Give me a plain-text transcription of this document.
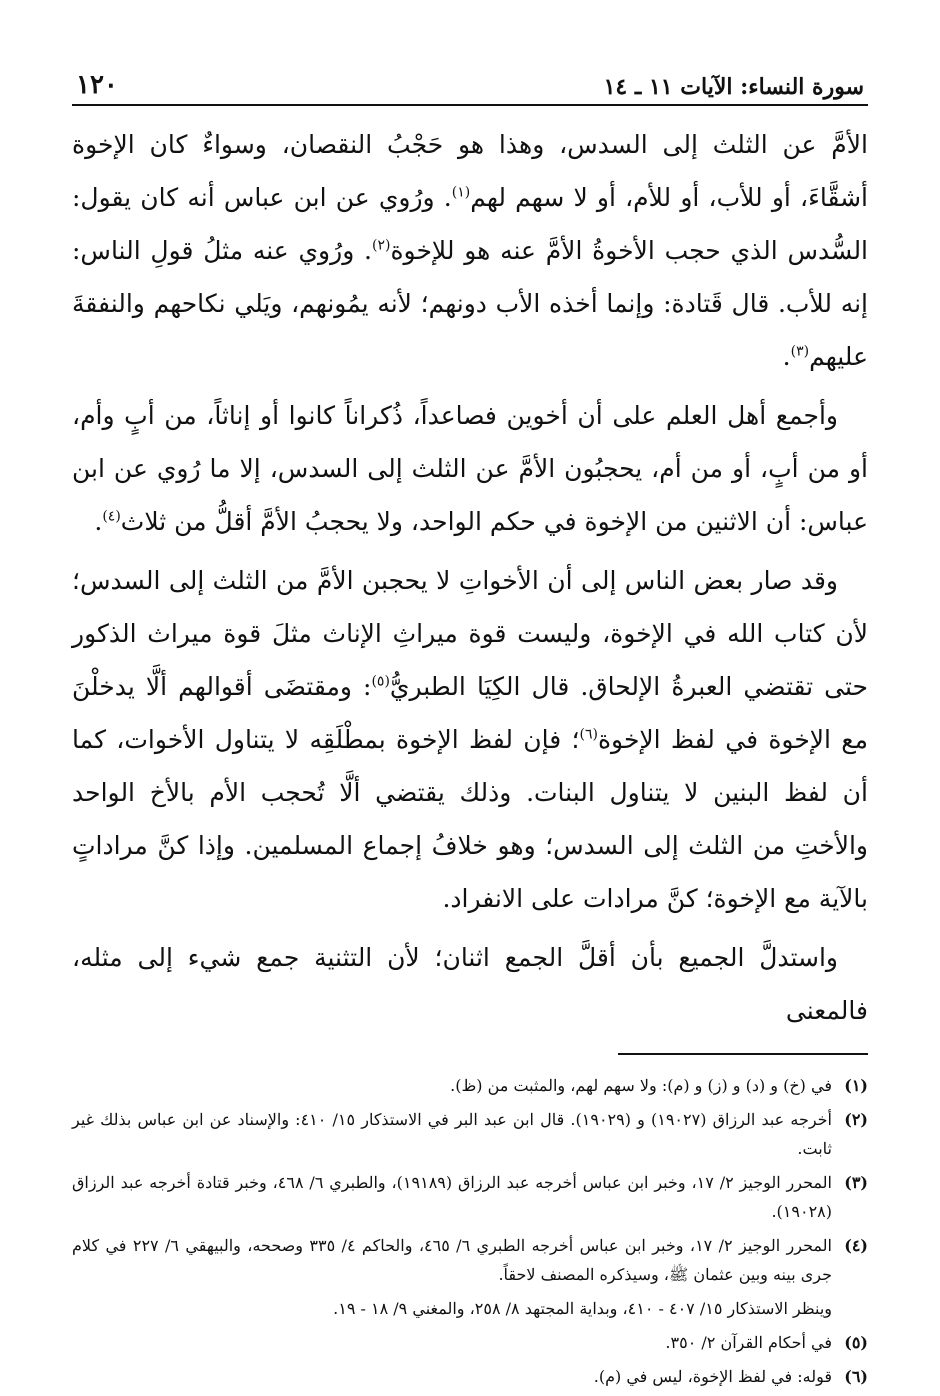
سورة النساء: الآيات ١١ ـ ١٤
١٢٠

الأمَّ عن الثلث إلى السدس، وهذا هو حَجْبُ النقصان، وسواءٌ كان الإخوة أشقَّاءَ، أو للأب، أو للأم، أو لا سهم لهم$^{(١)}$. ورُوي عن ابن عباس أنه كان يقول: السُّدس الذي حجب الأخوةُ الأمَّ عنه هو للإخوة$^{(٢)}$. ورُوي عنه مثلُ قولِ الناس: إنه للأب. قال قَتادة: وإنما أخذه الأب دونهم؛ لأنه يمُونهم، ويَلي نكاحهم والنفقةَ عليهم$^{(٣)}$.

وأجمع أهل العلم على أن أخوين فصاعداً، ذُكراناً كانوا أو إناثاً، من أبٍ وأم، أو من أبٍ، أو من أم، يحجبُون الأمَّ عن الثلث إلى السدس، إلا ما رُوي عن ابن عباس: أن الاثنين من الإخوة في حكم الواحد، ولا يحجبُ الأمَّ أقلُّ من ثلاث$^{(٤)}$.

وقد صار بعض الناس إلى أن الأخواتِ لا يحجبن الأمَّ من الثلث إلى السدس؛ لأن كتاب الله في الإخوة، وليست قوة ميراثِ الإناث مثلَ قوة ميراث الذكور حتى تقتضي العبرةُ الإلحاق. قال الكِيَا الطبريُّ$^{(٥)}$: ومقتضَى أقوالهم ألَّا يدخلْنَ مع الإخوة في لفظ الإخوة$^{(٦)}$؛ فإن لفظ الإخوة بمطْلَقِه لا يتناول الأخوات، كما أن لفظ البنين لا يتناول البنات. وذلك يقتضي ألَّا تُحجب الأم بالأخ الواحد والأختِ من الثلث إلى السدس؛ وهو خلافُ إجماع المسلمين. وإذا كنَّ مراداتٍ بالآية مع الإخوة؛ كنَّ مرادات على الانفراد.

واستدلَّ الجميع بأن أقلَّ الجمع اثنان؛ لأن التثنية جمع شيء إلى مثله، فالمعنى

(١)
في (خ) و (د) و (ز) و (م): ولا سهم لهم، والمثبت من (ظ).
(٢)
أخرجه عبد الرزاق (١٩٠٢٧) و (١٩٠٢٩). قال ابن عبد البر في الاستذكار ١٥/ ٤١٠: والإسناد عن ابن عباس بذلك غير ثابت.
(٣)
المحرر الوجيز ٢/ ١٧، وخبر ابن عباس أخرجه عبد الرزاق (١٩١٨٩)، والطبري ٦/ ٤٦٨، وخبر قتادة أخرجه عبد الرزاق (١٩٠٢٨).
(٤)
المحرر الوجيز ٢/ ١٧، وخبر ابن عباس أخرجه الطبري ٦/ ٤٦٥، والحاكم ٤/ ٣٣٥ وصححه، والبيهقي ٦/ ٢٢٧ في كلام جرى بينه وبين عثمان ﷺ، وسيذكره المصنف لاحقاً.
وينظر الاستذكار ١٥/ ٤٠٧ - ٤١٠، وبداية المجتهد ٨/ ٢٥٨، والمغني ٩/ ١٨ - ١٩.
(٥)
في أحكام القرآن ٢/ ٣٥٠.
(٦)
قوله: في لفظ الإخوة، ليس في (م).
